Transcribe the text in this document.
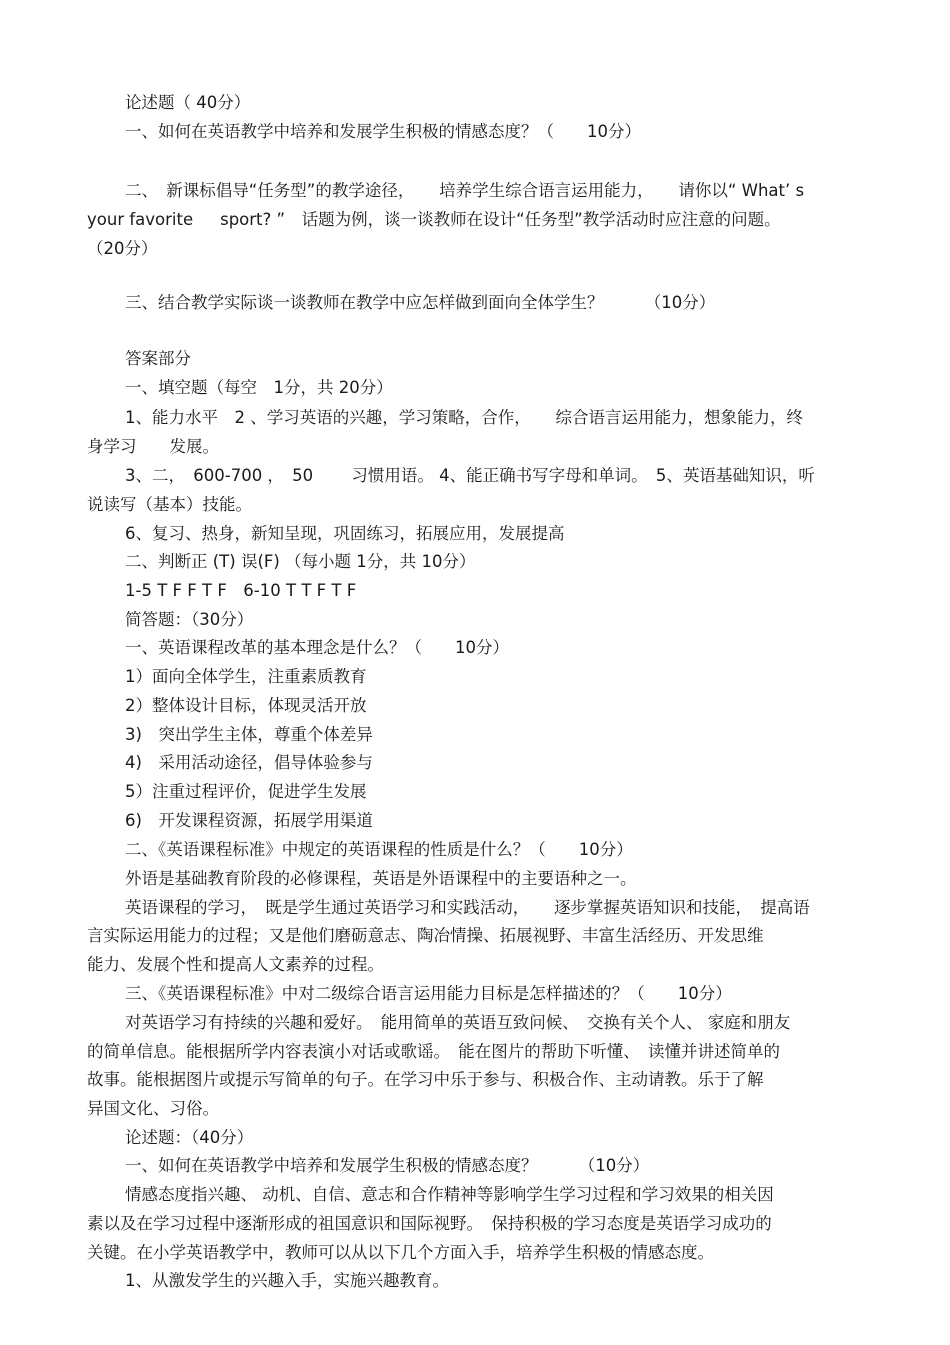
论述题（ 40分）
一、如何在英语教学中培养和发展学生积极的情感态度？（　　10分）
二、　新课标倡导“任务型”的教学途径，　　培养学生综合语言运用能力，　　请你以“ What’ s
your favorite 　 sport? ”　话题为例，谈一谈教师在设计“任务型”教学活动时应注意的问题。
（20分）
三、结合教学实际谈一谈教师在教学中应怎样做到面向全体学生？　　　（10分）
答案部分
一、填空题（每空　1分，共 20分）
1、能力水平　2 、学习英语的兴趣，学习策略，合作，　　综合语言运用能力，想象能力，终
身学习　　发展。
3、二，　600-700 ，　50 　　习惯用语。 4、能正确书写字母和单词。　5、英语基础知识，听
说读写（基本）技能。
6、复习、热身，新知呈现，巩固练习，拓展应用，发展提高
二、判断正 (T) 误(F) （每小题 1分，共 10分）
1-5 T F F T F　6-10 T T F T F
简答题：（30分）
一、英语课程改革的基本理念是什么？（　　10分）
1）面向全体学生，注重素质教育
2）整体设计目标，体现灵活开放
3)　突出学生主体，尊重个体差异
4)　采用活动途径，倡导体验参与
5）注重过程评价，促进学生发展
6)　开发课程资源，拓展学用渠道
二、《英语课程标准》中规定的英语课程的性质是什么？（　　10分）
外语是基础教育阶段的必修课程，英语是外语课程中的主要语种之一。
英语课程的学习，　既是学生通过英语学习和实践活动，　　逐步掌握英语知识和技能，　提高语
言实际运用能力的过程；又是他们磨砺意志、陶冶情操、拓展视野、丰富生活经历、开发思维
能力、发展个性和提高人文素养的过程。
三、《英语课程标准》中对二级综合语言运用能力目标是怎样描述的？（　　10分）
对英语学习有持续的兴趣和爱好。　能用简单的英语互致问候、　交换有关个人、 家庭和朋友
的简单信息。能根据所学内容表演小对话或歌谣。　能在图片的帮助下听懂、　读懂并讲述简单的
故事。能根据图片或提示写简单的句子。在学习中乐于参与、积极合作、主动请教。乐于了解
异国文化、习俗。
论述题：（40分）
一、如何在英语教学中培养和发展学生积极的情感态度？　　　（10分）
情感态度指兴趣、 动机、自信、意志和合作精神等影响学生学习过程和学习效果的相关因
素以及在学习过程中逐渐形成的祖国意识和国际视野。　保持积极的学习态度是英语学习成功的
关键。在小学英语教学中，教师可以从以下几个方面入手，培养学生积极的情感态度。
1、从激发学生的兴趣入手，实施兴趣教育。
